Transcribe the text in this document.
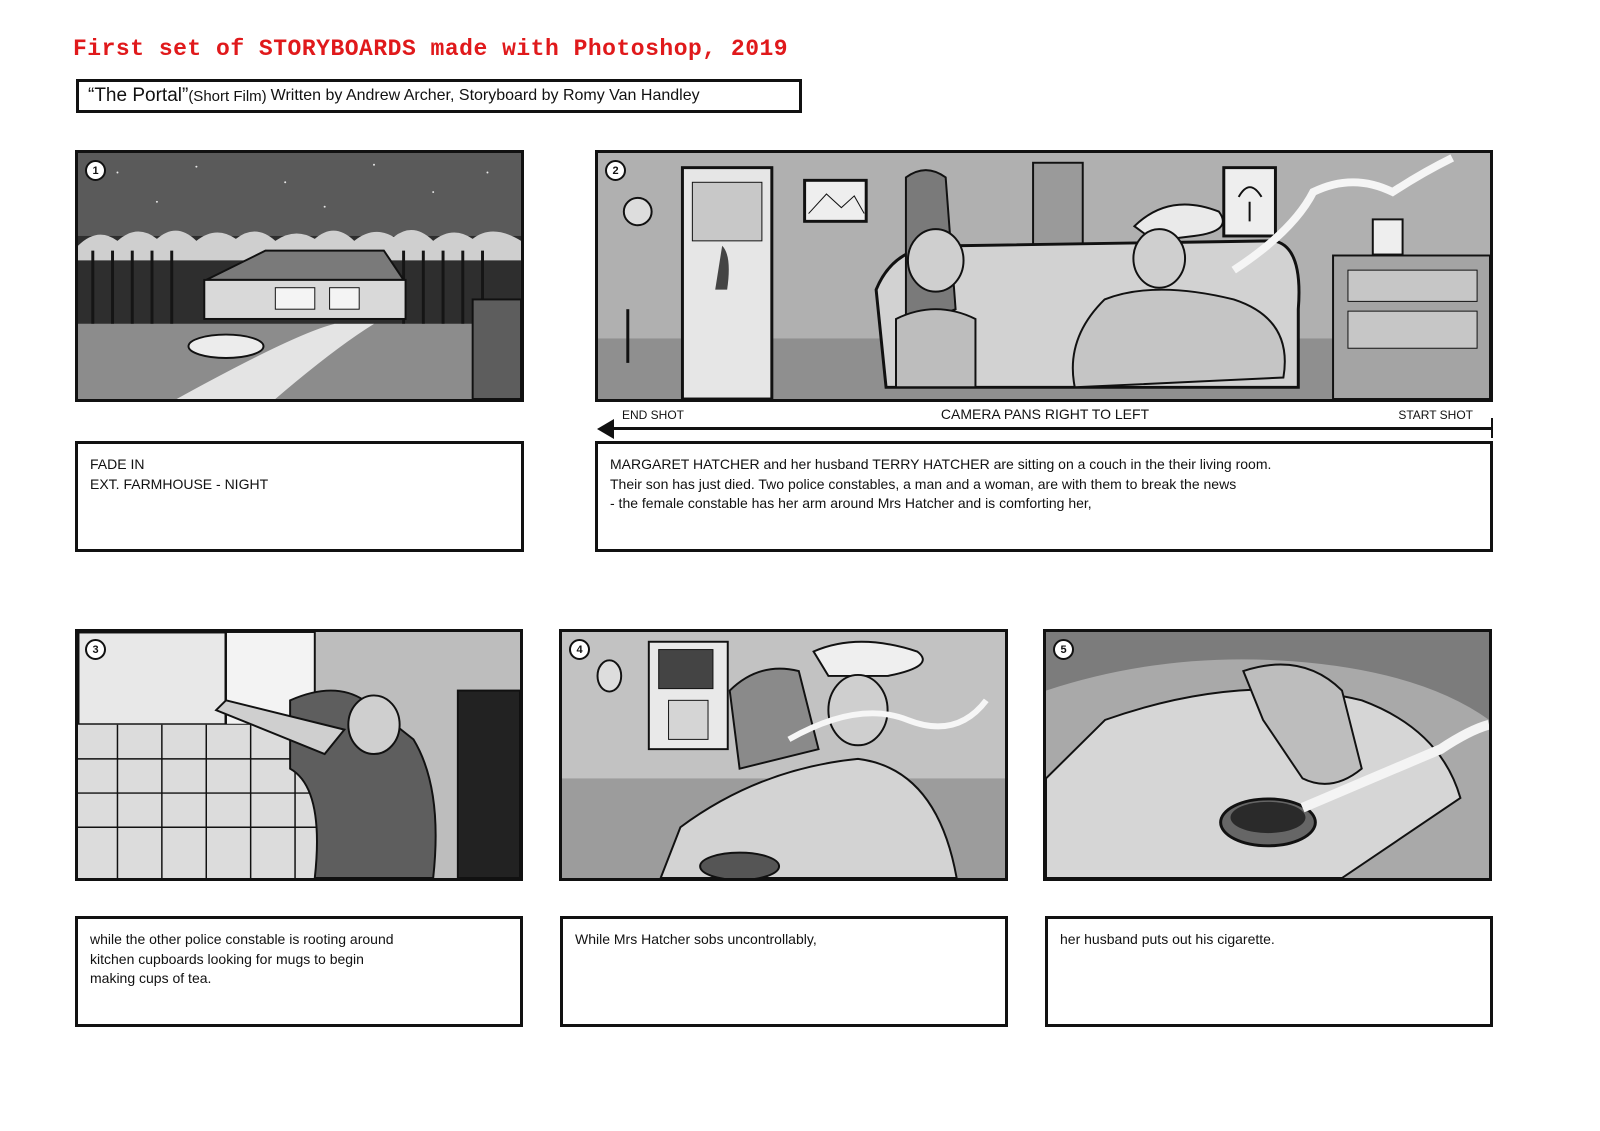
First set of STORYBOARDS made with Photoshop, 2019
“The Portal” (Short Film) Written by Andrew Archer, Storyboard by Romy Van Handley
1	2
END SHOT	CAMERA PANS RIGHT TO LEFT	START SHOT
FADE IN
EXT. FARMHOUSE - NIGHT
MARGARET HATCHER and her husband TERRY HATCHER are sitting on a couch in the their living room.
Their son has just died. Two police constables, a man and a woman, are with them to break the news
- the female constable has her arm around Mrs Hatcher and is comforting her,
3	4	5
while the other police constable is rooting around
kitchen cupboards looking for mugs to begin
making cups of tea.
While Mrs Hatcher sobs uncontrollably,	her husband puts out his cigarette.
